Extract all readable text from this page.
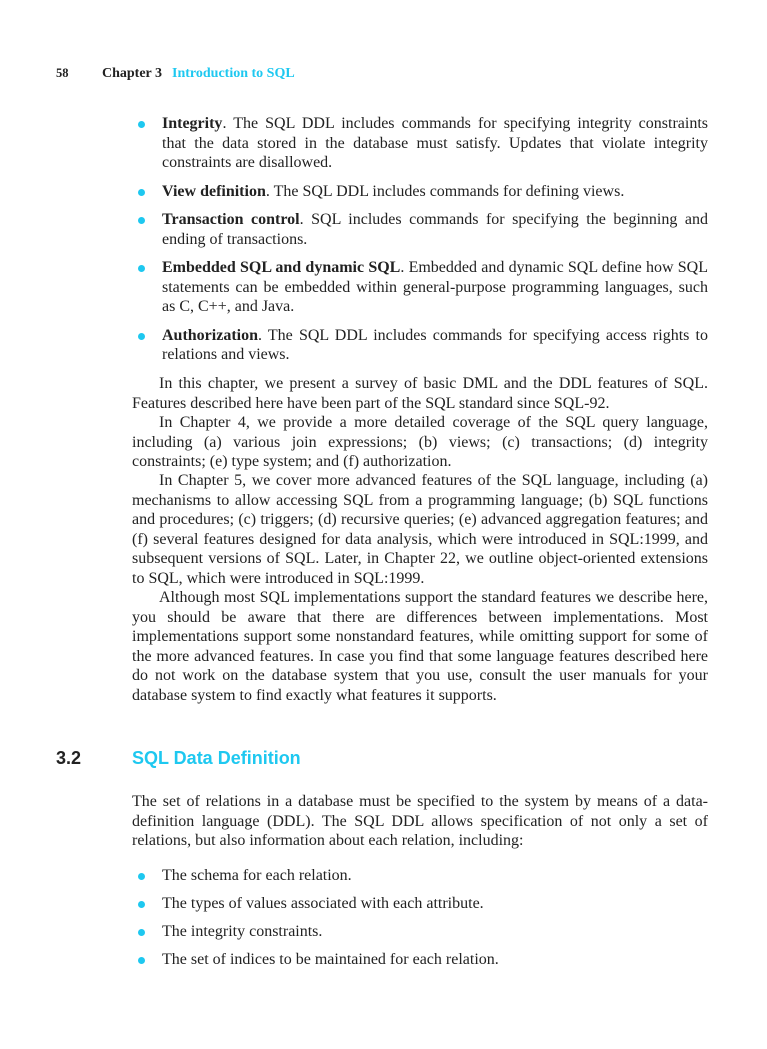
58 Chapter 3 Introduction to SQL
Integrity. The SQL DDL includes commands for specifying integrity constraints that the data stored in the database must satisfy. Updates that violate integrity constraints are disallowed.
View definition. The SQL DDL includes commands for defining views.
Transaction control. SQL includes commands for specifying the beginning and ending of transactions.
Embedded SQL and dynamic SQL. Embedded and dynamic SQL define how SQL statements can be embedded within general-purpose programming languages, such as C, C++, and Java.
Authorization. The SQL DDL includes commands for specifying access rights to relations and views.

In this chapter, we present a survey of basic DML and the DDL features of SQL. Features described here have been part of the SQL standard since SQL-92.

In Chapter 4, we provide a more detailed coverage of the SQL query language, including (a) various join expressions; (b) views; (c) transactions; (d) integrity constraints; (e) type system; and (f) authorization.

In Chapter 5, we cover more advanced features of the SQL language, including (a) mechanisms to allow accessing SQL from a programming language; (b) SQL functions and procedures; (c) triggers; (d) recursive queries; (e) advanced aggregation features; and (f) several features designed for data analysis, which were introduced in SQL:1999, and subsequent versions of SQL. Later, in Chapter 22, we outline object-oriented extensions to SQL, which were introduced in SQL:1999.

Although most SQL implementations support the standard features we describe here, you should be aware that there are differences between implementations. Most implementations support some nonstandard features, while omitting support for some of the more advanced features. In case you find that some language features described here do not work on the database system that you use, consult the user manuals for your database system to find exactly what features it supports.

3.2	SQL Data Definition

The set of relations in a database must be specified to the system by means of a data-definition language (DDL). The SQL DDL allows specification of not only a set of relations, but also information about each relation, including:

The schema for each relation.
The types of values associated with each attribute.
The integrity constraints.
The set of indices to be maintained for each relation.
